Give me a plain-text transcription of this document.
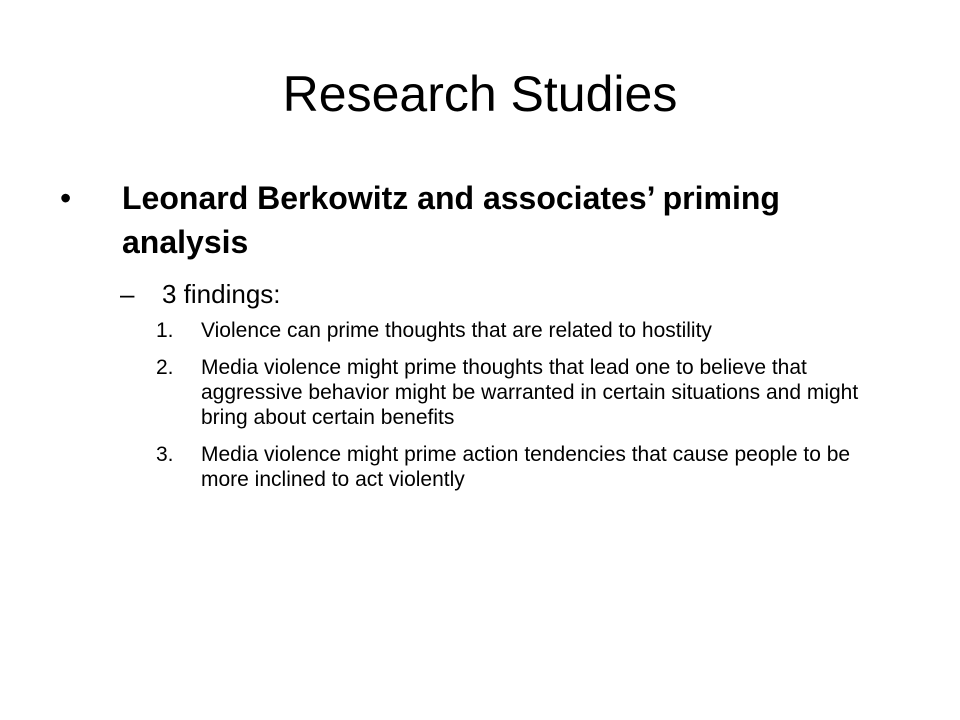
Research Studies
• Leonard Berkowitz and associates’ priming analysis
– 3 findings:
1.	Violence can prime thoughts that are related to hostility
2.	Media violence might prime thoughts that lead one to believe that aggressive behavior might be warranted in certain situations and might bring about certain benefits
3.	Media violence might prime action tendencies that cause people to be more inclined to act violently
